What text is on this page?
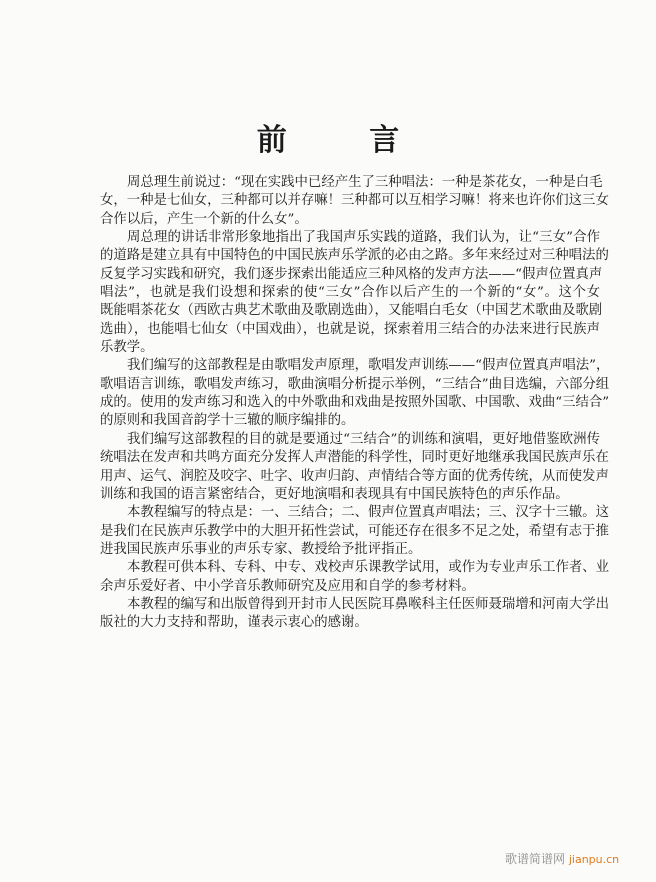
前 言
周总理生前说过：“现在实践中已经产生了三种唱法：一种是茶花女，一种是白毛
女，一种是七仙女，三种都可以并存嘛！三种都可以互相学习嘛！将来也许你们这三女
合作以后，产生一个新的什么女”。
周总理的讲话非常形象地指出了我国声乐实践的道路，我们认为，让“三女”合作
的道路是建立具有中国特色的中国民族声乐学派的必由之路。多年来经过对三种唱法的
反复学习实践和研究，我们逐步探索出能适应三种风格的发声方法——“假声位置真声
唱法”，也就是我们设想和探索的使“三女”合作以后产生的一个新的“女”。这个女
既能唱茶花女（西欧古典艺术歌曲及歌剧选曲），又能唱白毛女（中国艺术歌曲及歌剧
选曲），也能唱七仙女（中国戏曲），也就是说，探索着用三结合的办法来进行民族声
乐教学。
我们编写的这部教程是由歌唱发声原理，歌唱发声训练——“假声位置真声唱法”，
歌唱语言训练，歌唱发声练习，歌曲演唱分析提示举例，“三结合”曲目选编，六部分组
成的。使用的发声练习和选入的中外歌曲和戏曲是按照外国歌、中国歌、戏曲“三结合”
的原则和我国音韵学十三辙的顺序编排的。
我们编写这部教程的目的就是要通过“三结合”的训练和演唱，更好地借鉴欧洲传
统唱法在发声和共鸣方面充分发挥人声潜能的科学性，同时更好地继承我国民族声乐在
用声、运气、润腔及咬字、吐字、收声归韵、声情结合等方面的优秀传统，从而使发声
训练和我国的语言紧密结合，更好地演唱和表现具有中国民族特色的声乐作品。
本教程编写的特点是：一、三结合；二、假声位置真声唱法；三、汉字十三辙。这
是我们在民族声乐教学中的大胆开拓性尝试，可能还存在很多不足之处，希望有志于推
进我国民族声乐事业的声乐专家、教授给予批评指正。
本教程可供本科、专科、中专、戏校声乐课教学试用，或作为专业声乐工作者、业
余声乐爱好者、中小学音乐教师研究及应用和自学的参考材料。
本教程的编写和出版曾得到开封市人民医院耳鼻喉科主任医师聂瑞增和河南大学出
版社的大力支持和帮助，谨表示衷心的感谢。
歌谱简谱网 jianpu.cn
